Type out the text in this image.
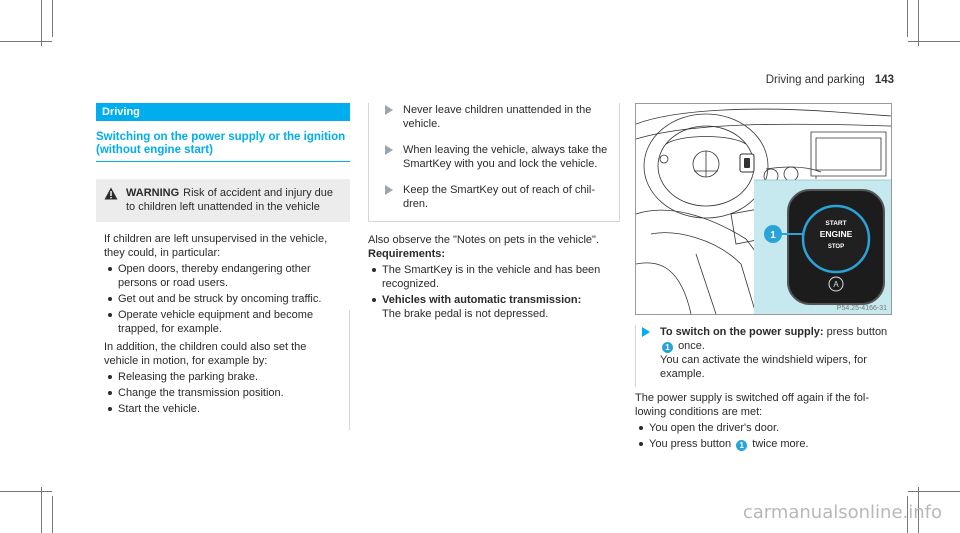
Driving and parking 143
Driving
Switching on the power supply or the ignition (without engine start)
WARNING Risk of accident and injury due to children left unattended in the vehicle

If children are left unsupervised in the vehicle, they could, in particular:

Open doors, thereby endangering other persons or road users.
Get out and be struck by oncoming traffic.
Operate vehicle equipment and become trapped, for example.

In addition, the children could also set the vehicle in motion, for example by:

Releasing the parking brake.
Change the transmission position.
Start the vehicle.
Never leave children unattended in the vehicle.
When leaving the vehicle, always take the SmartKey with you and lock the vehicle.
Keep the SmartKey out of reach of children.

Also observe the "Notes on pets in the vehicle".

Requirements:

The SmartKey is in the vehicle and has been recognized.
Vehicles with automatic transmission:
The brake pedal is not depressed.
START
ENGINE
STOP
A
1
P54.25-4166-31
To switch on the power supply: press button 1 once.
You can activate the windshield wipers, for example.

The power supply is switched off again if the following conditions are met:

You open the driver's door.
You press button 1 twice more.
carmanualsonline.info
